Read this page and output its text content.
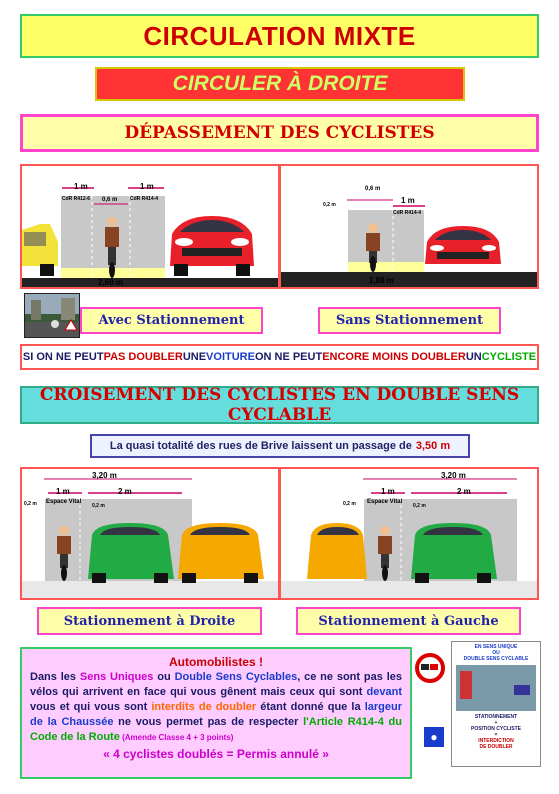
CIRCULATION MIXTE
CIRCULER À DROITE
DÉPASSEMENT DES CYCLISTES
1 m	1 m
0,6 m
CdR R412-6	CdR R414-4
2,60 m
0,6 m
1 m
0,2 m
CdR R414-4
1,80 m
Avec Stationnement	Sans Stationnement
SI ON NE PEUT PAS DOUBLER UNE VOITURE ON NE PEUT ENCORE MOINS DOUBLER UN CYCLISTE
CROISEMENT DES CYCLISTES EN DOUBLE SENS CYCLABLE
La quasi totalité des rues de Brive laissent un passage de 3,50 m
3,20 m
1 m	2 m
0,2 m	0,2 m
Espace Vital
3,20 m
1 m	2 m
0,2 m	0,2 m
Espace Vital
Stationnement à Droite	Stationnement à Gauche
Automobilistes !
Dans les Sens Uniques ou Double Sens Cyclables, ce ne sont pas les vélos qui arrivent en face qui vous gênent mais ceux qui sont devant vous et qui vous sont interdits de doubler étant donné que la largeur de la Chaussée ne vous permet pas de respecter l'Article R414-4 du Code de la Route (Amende Classe 4 + 3 points)
« 4 cyclistes doublés = Permis annulé »
●
EN SENS UNIQUE
OU
DOUBLE SENS CYCLABLE
STATIONNEMENT
+
POSITION CYCLISTE
=
INTERDICTION
DE DOUBLER
